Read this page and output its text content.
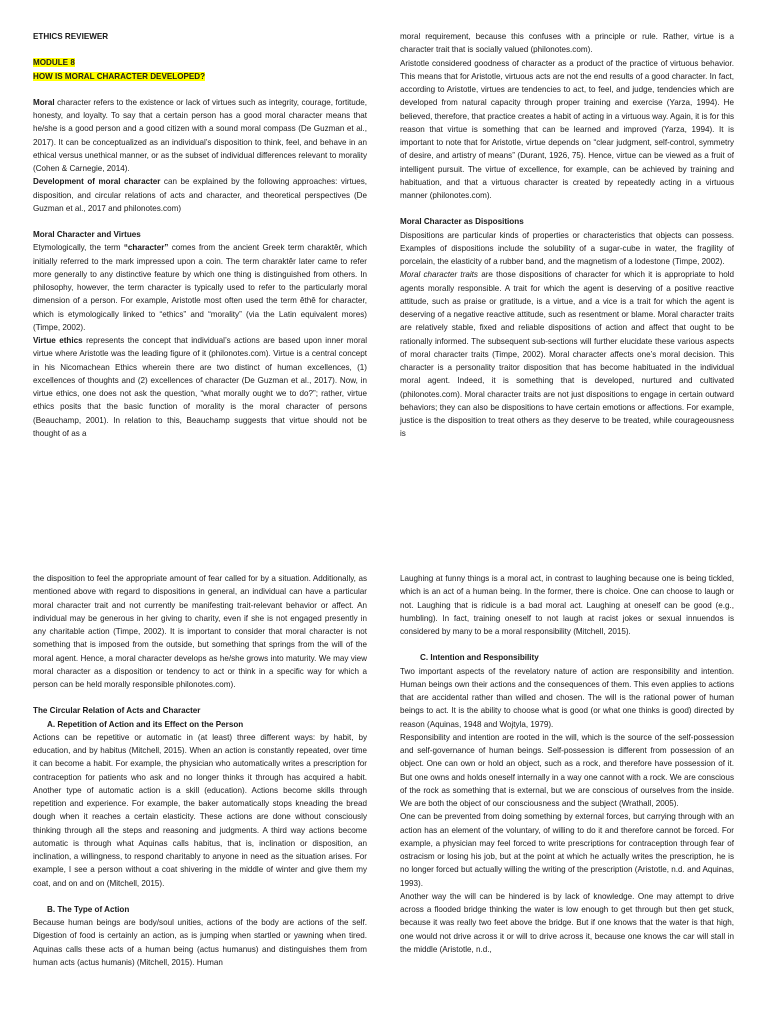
ETHICS REVIEWER

MODULE 8

HOW IS MORAL CHARACTER DEVELOPED?

Moral character refers to the existence or lack of virtues such as integrity, courage, fortitude, honesty, and loyalty. To say that a certain person has a good moral character means that he/she is a good person and a good citizen with a sound moral compass (De Guzman et al., 2017). It can be conceptualized as an individual’s disposition to think, feel, and behave in an ethical versus unethical manner, or as the subset of individual differences relevant to morality (Cohen & Carnegie, 2014).

Development of moral character can be explained by the following approaches: virtues, disposition, and circular relations of acts and character, and theoretical perspectives (De Guzman et al., 2017 and philonotes.com)

Moral Character and Virtues

Etymologically, the term “character” comes from the ancient Greek term charaktêr, which initially referred to the mark impressed upon a coin. The term charaktêr later came to refer more generally to any distinctive feature by which one thing is distinguished from others. In philosophy, however, the term character is typically used to refer to the particularly moral dimension of a person. For example, Aristotle most often used the term êthê for character, which is etymologically linked to “ethics” and “morality” (via the Latin equivalent mores) (Timpe, 2002).

Virtue ethics represents the concept that individual’s actions are based upon inner moral virtue where Aristotle was the leading figure of it (philonotes.com). Virtue is a central concept in his Nicomachean Ethics wherein there are two distinct of human excellences, (1) excellences of thoughts and (2) excellences of character (De Guzman et al., 2017). Now, in virtue ethics, one does not ask the question, “what morally ought we to do?”; rather, virtue ethics posits that the basic function of morality is the moral character of persons (Beauchamp, 2001). In relation to this, Beauchamp suggests that virtue should not be thought of as a

moral requirement, because this confuses with a principle or rule. Rather, virtue is a character trait that is socially valued (philonotes.com).

Aristotle considered goodness of character as a product of the practice of virtuous behavior. This means that for Aristotle, virtuous acts are not the end results of a good character. In fact, according to Aristotle, virtues are tendencies to act, to feel, and judge, tendencies which are developed from natural capacity through proper training and exercise (Yarza, 1994). He believed, therefore, that practice creates a habit of acting in a virtuous way. Again, it is for this reason that virtue is something that can be learned and improved (Yarza, 1994). It is important to note that for Aristotle, virtue depends on “clear judgment, self-control, symmetry of desire, and artistry of means” (Durant, 1926, 75). Hence, virtue can be viewed as a fruit of intelligent pursuit. The virtue of excellence, for example, can be achieved by training and habituation, and that a virtuous character is created by repeatedly acting in a virtuous manner (philonotes.com).

Moral Character as Dispositions

Dispositions are particular kinds of properties or characteristics that objects can possess. Examples of dispositions include the solubility of a sugar-cube in water, the fragility of porcelain, the elasticity of a rubber band, and the magnetism of a lodestone (Timpe, 2002).

Moral character traits are those dispositions of character for which it is appropriate to hold agents morally responsible. A trait for which the agent is deserving of a positive reactive attitude, such as praise or gratitude, is a virtue, and a vice is a trait for which the agent is deserving of a negative reactive attitude, such as resentment or blame. Moral character traits are relatively stable, fixed and reliable dispositions of action and affect that ought to be rationally informed. The subsequent sub-sections will further elucidate these various aspects of moral character traits (Timpe, 2002). Moral character affects one’s moral decision. This character is a personality traitor disposition that has become habituated in the individual moral agent. Indeed, it is something that is developed, nurtured and cultivated (philonotes.com). Moral character traits are not just dispositions to engage in certain outward behaviors; they can also be dispositions to have certain emotions or affections. For example, justice is the disposition to treat others as they deserve to be treated, while courageousness is

the disposition to feel the appropriate amount of fear called for by a situation. Additionally, as mentioned above with regard to dispositions in general, an individual can have a particular moral character trait and not currently be manifesting trait-relevant behavior or affect. An individual may be generous in her giving to charity, even if she is not engaged presently in any charitable action (Timpe, 2002). It is important to consider that moral character is not something that is imposed from the outside, but something that springs from the will of the moral agent. Hence, a moral character develops as he/she grows into maturity. We may view moral character as a disposition or tendency to act or think in a specific way for which a person can be held morally responsible philonotes.com).

The Circular Relation of Acts and Character

A. Repetition of Action and its Effect on the Person

Actions can be repetitive or automatic in (at least) three different ways: by habit, by education, and by habitus (Mitchell, 2015). When an action is constantly repeated, over time it can become a habit. For example, the physician who automatically writes a prescription for contraception for patients who ask and no longer thinks it through has acquired a habit. Another type of automatic action is a skill (education). Actions become skills through repetition and experience. For example, the baker automatically stops kneading the bread dough when it reaches a certain elasticity. These actions are done without consciously thinking through all the steps and reasoning and judgments. A third way actions become automatic is through what Aquinas calls habitus, that is, inclination or disposition, an inclination, a willingness, to respond charitably to anyone in need as the situation arises. For example, I see a person without a coat shivering in the middle of winter and give them my coat, and on and on (Mitchell, 2015).

B. The Type of Action

Because human beings are body/soul unities, actions of the body are actions of the self. Digestion of food is certainly an action, as is jumping when startled or yawning when tired. Aquinas calls these acts of a human being (actus humanus) and distinguishes them from human acts (actus humanis) (Mitchell, 2015). Human

Laughing at funny things is a moral act, in contrast to laughing because one is being tickled, which is an act of a human being. In the former, there is choice. One can choose to laugh or not. Laughing that is ridicule is a bad moral act. Laughing at oneself can be good (e.g., humbling). In fact, training oneself to not laugh at racist jokes or sexual innuendos is considered by many to be a moral responsibility (Mitchell, 2015).

C. Intention and Responsibility

Two important aspects of the revelatory nature of action are responsibility and intention. Human beings own their actions and the consequences of them. This even applies to actions that are accidental rather than willed and chosen. The will is the rational power of human beings to act. It is the ability to choose what is good (or what one thinks is good) directed by reason (Aquinas, 1948 and Wojtyla, 1979).

Responsibility and intention are rooted in the will, which is the source of the self-possession and self-governance of human beings. Self-possession is different from possession of an object. One can own or hold an object, such as a rock, and therefore have possession of it. But one owns and holds oneself internally in a way one cannot with a rock. We are conscious of the rock as something that is external, but we are conscious of ourselves from the inside. We are both the object of our consciousness and the subject (Wrathall, 2005).

One can be prevented from doing something by external forces, but carrying through with an action has an element of the voluntary, of willing to do it and therefore cannot be forced. For example, a physician may feel forced to write prescriptions for contraception through fear of ostracism or losing his job, but at the point at which he actually writes the prescription, he is no longer forced but actually willing the writing of the prescription (Aristotle, n.d. and Aquinas, 1993).

Another way the will can be hindered is by lack of knowledge. One may attempt to drive across a flooded bridge thinking the water is low enough to get through but then get stuck, because it was really two feet above the bridge. But if one knows that the water is that high, one would not drive across it or will to drive across it, because one knows the car will stall in the middle (Aristotle, n.d.,
